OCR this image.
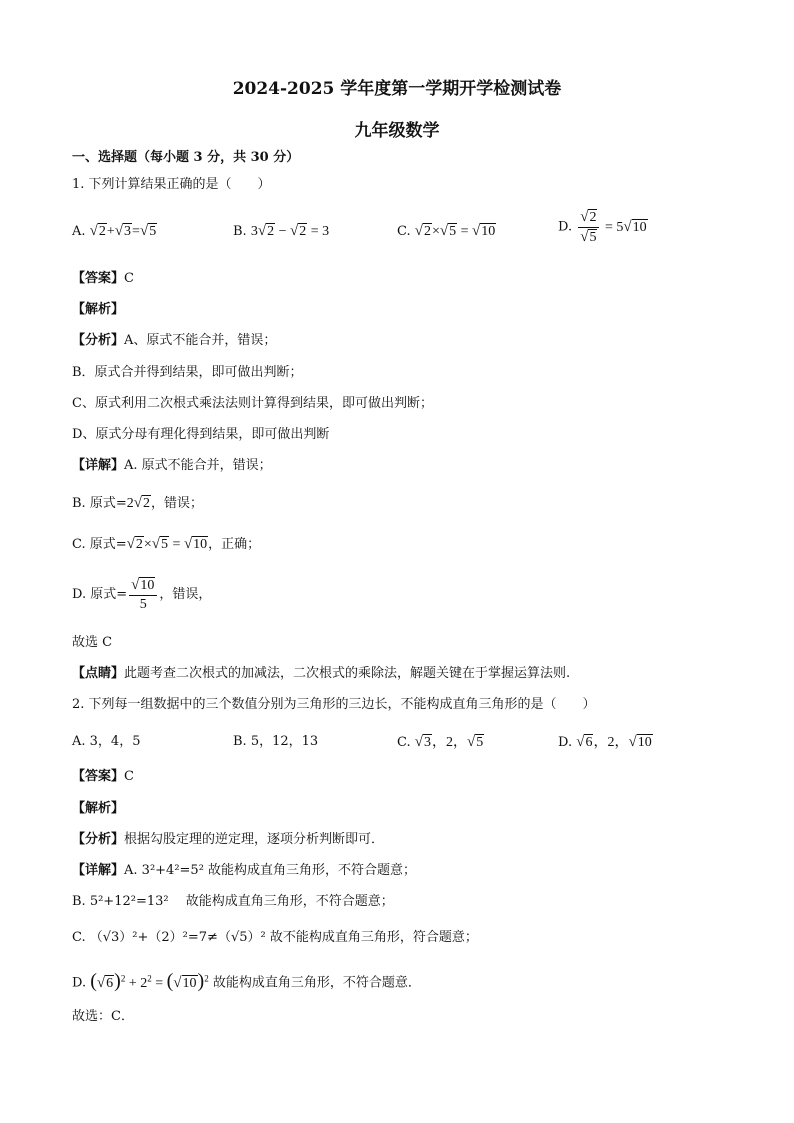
2024-2025 学年度第一学期开学检测试卷
九年级数学
一、选择题（每小题 3 分，共 30 分）
1. 下列计算结果正确的是（　　）
A. √2+√3=√5	B. 3√2 − √2 = 3	C. √2×√5 = √10	D. $\frac{√2}{√5} = 5√10$
【答案】C
【解析】
【分析】A、原式不能合并，错误；
B．原式合并得到结果，即可做出判断；
C、原式利用二次根式乘法法则计算得到结果，即可做出判断；
D、原式分母有理化得到结果，即可做出判断
【详解】A. 原式不能合并，错误；
B. 原式=2√2，错误；
C. 原式=√2×√5 = √10，正确；
D. 原式= $\frac{√10}{5}$ ，错误，
故选 C
【点睛】此题考查二次根式的加减法，二次根式的乘除法，解题关键在于掌握运算法则.
2. 下列每一组数据中的三个数值分别为三角形的三边长，不能构成直角三角形的是（　　）
A. 3，4，5	B. 5，12，13	C. √3，2，√5	D. √6，2，√10
【答案】C
【解析】
【分析】根据勾股定理的逆定理，逐项分析判断即可．
【详解】A. 3²+4²=5² 故能构成直角三角形，不符合题意；
B. 5²+12²=13²　 故能构成直角三角形，不符合题意；
C. （√3）²+（2）²=7≠（√5）² 故不能构成直角三角形，符合题意；
D. $(√6)^2 + 2^2 = (√10)^2$ 故能构成直角三角形，不符合题意．
故选：C．
